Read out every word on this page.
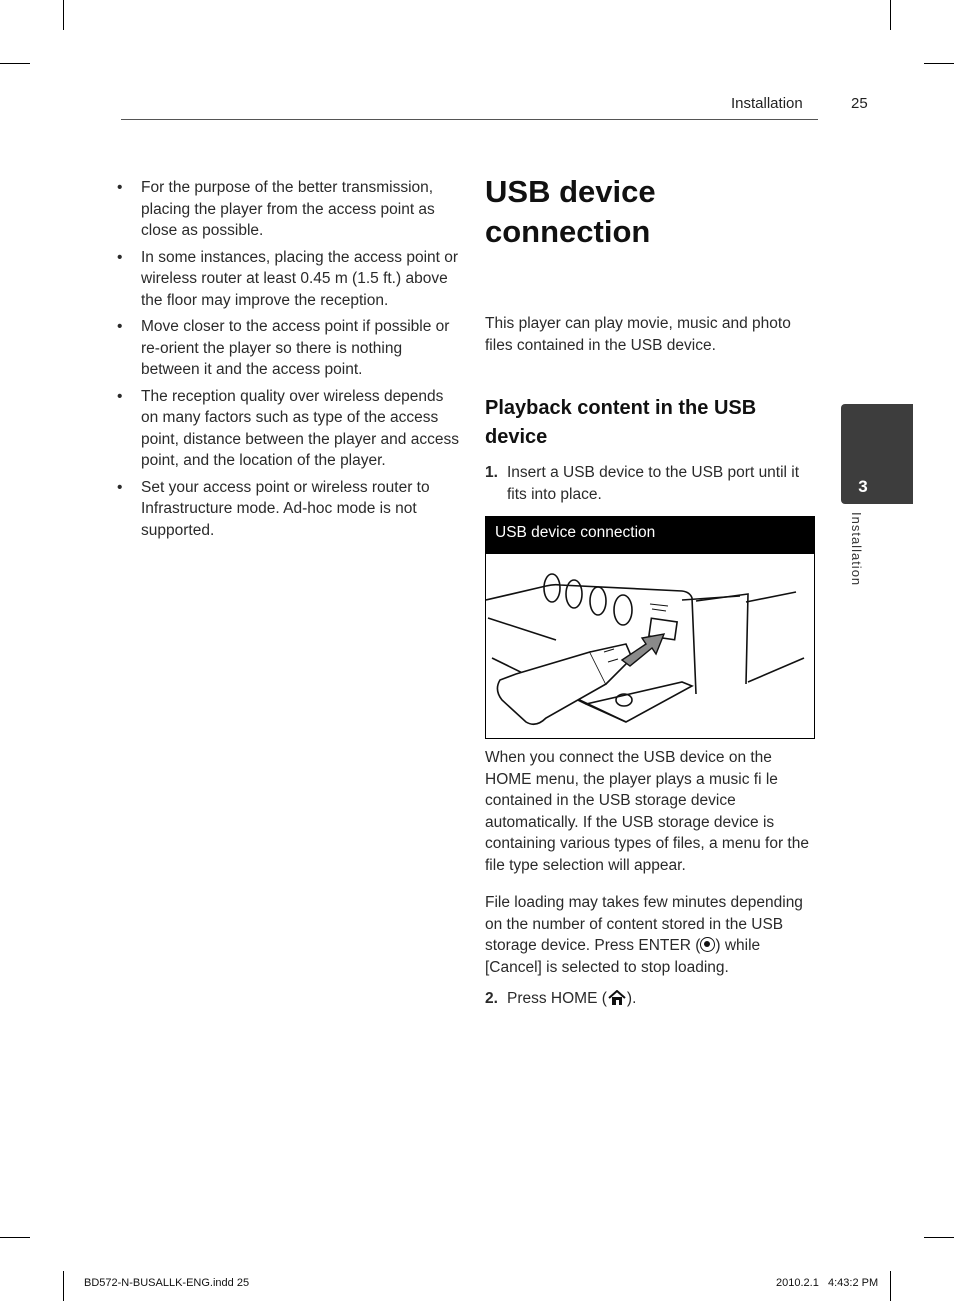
Installation	25
• For the purpose of the better transmission, placing the player from the access point as close as possible.
• In some instances, placing the access point or wireless router at least 0.45 m (1.5 ft.) above the floor may improve the reception.
• Move closer to the access point if possible or re-orient the player so there is nothing between it and the access point.
• The reception quality over wireless depends on many factors such as type of the access point, distance between the player and access point, and the location of the player.
• Set your access point or wireless router to Infrastructure mode. Ad-hoc mode is not supported.
USB device
connection
This player can play movie, music and photo files contained in the USB device.
Playback content in the USB device
1. Insert a USB device to the USB port until it fits into place.
USB device connection
When you connect the USB device on the HOME menu, the player plays a music fi le contained in the USB storage device automatically. If the USB storage device is containing various types of files, a menu for the file type selection will appear.
File loading may takes few minutes depending on the number of content stored in the USB storage device. Press ENTER ( ) while [Cancel] is selected to stop loading.
2. Press HOME ( ).
3
Installation
BD572-N-BUSALLK-ENG.indd 25	2010.2.1   4:43:2 PM
